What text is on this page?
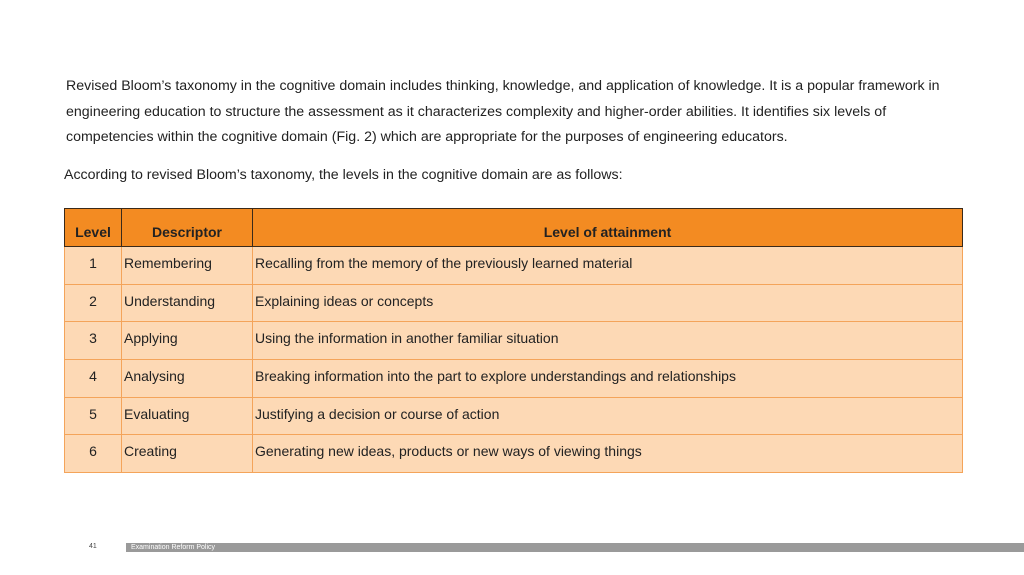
Revised Bloom’s taxonomy in the cognitive domain includes thinking, knowledge, and application of knowledge. It is a popular framework in
engineering education to structure the assessment as it characterizes complexity and higher-order abilities. It identifies six levels of
competencies within the cognitive domain (Fig. 2) which are appropriate for the purposes of engineering educators.

According to revised Bloom’s taxonomy, the levels in the cognitive domain are as follows:

Level	Descriptor	Level of attainment
1	Remembering	Recalling from the memory of the previously learned material
2	Understanding	Explaining ideas or concepts
3	Applying	Using the information in another familiar situation
4	Analysing	Breaking information into the part to explore understandings and relationships
5	Evaluating	Justifying a decision or course of action
6	Creating	Generating new ideas, products or new ways of viewing things
41	Examination Reform Policy
